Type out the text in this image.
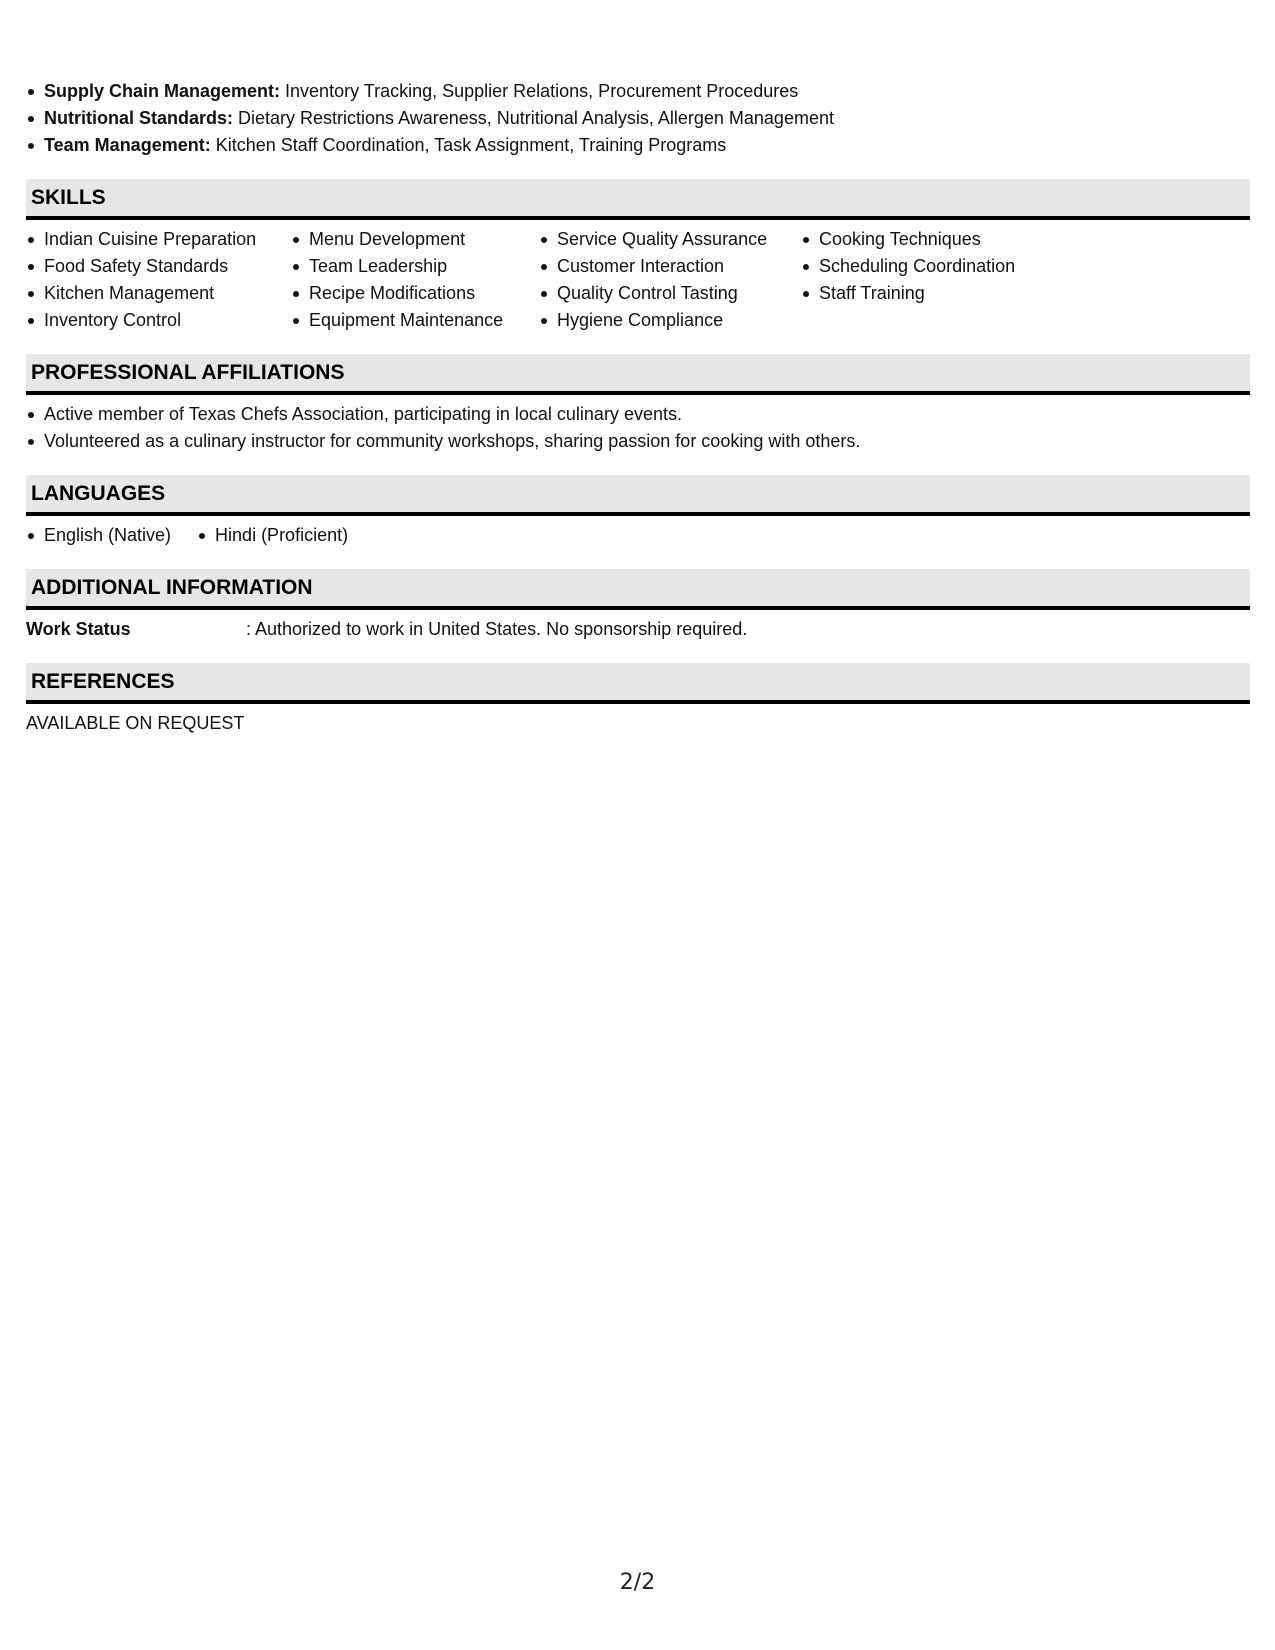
Supply Chain Management: Inventory Tracking, Supplier Relations, Procurement Procedures
Nutritional Standards: Dietary Restrictions Awareness, Nutritional Analysis, Allergen Management
Team Management: Kitchen Staff Coordination, Task Assignment, Training Programs
SKILLS
Indian Cuisine Preparation
Food Safety Standards
Kitchen Management
Inventory Control
Menu Development
Team Leadership
Recipe Modifications
Equipment Maintenance
Service Quality Assurance
Customer Interaction
Quality Control Tasting
Hygiene Compliance
Cooking Techniques
Scheduling Coordination
Staff Training
PROFESSIONAL AFFILIATIONS
Active member of Texas Chefs Association, participating in local culinary events.
Volunteered as a culinary instructor for community workshops, sharing passion for cooking with others.
LANGUAGES
English (Native)	Hindi (Proficient)
ADDITIONAL INFORMATION
Work Status	: Authorized to work in United States. No sponsorship required.
REFERENCES
AVAILABLE ON REQUEST
2/2
